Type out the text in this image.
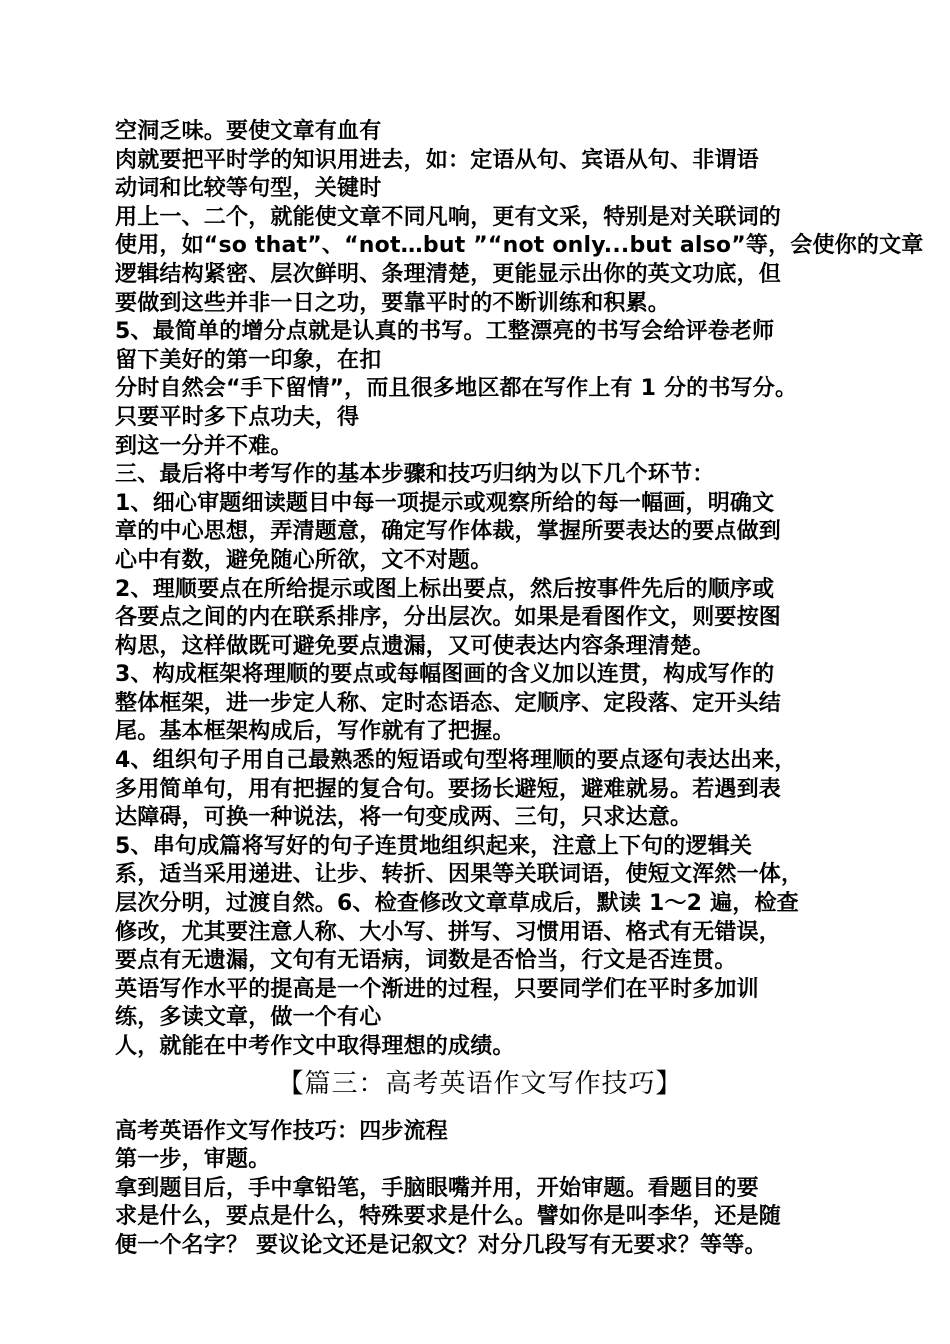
空洞乏味。要使文章有血有
肉就要把平时学的知识用进去，如：定语从句、宾语从句、非谓语
动词和比较等句型，关键时
用上一、二个，就能使文章不同凡响，更有文采，特别是对关联词的
使用，如“so that”、“not…but ”“not only...but also”等，会使你的文章
逻辑结构紧密、层次鲜明、条理清楚，更能显示出你的英文功底，但
要做到这些并非一日之功，要靠平时的不断训练和积累。
5、最简单的增分点就是认真的书写。工整漂亮的书写会给评卷老师
留下美好的第一印象，在扣
分时自然会“手下留情”，而且很多地区都在写作上有 1 分的书写分。
只要平时多下点功夫，得
到这一分并不难。
三、最后将中考写作的基本步骤和技巧归纳为以下几个环节：
1、细心审题细读题目中每一项提示或观察所给的每一幅画，明确文
章的中心思想，弄清题意，确定写作体裁，掌握所要表达的要点做到
心中有数，避免随心所欲，文不对题。
2、理顺要点在所给提示或图上标出要点，然后按事件先后的顺序或
各要点之间的内在联系排序，分出层次。如果是看图作文，则要按图
构思，这样做既可避免要点遗漏，又可使表达内容条理清楚。
3、构成框架将理顺的要点或每幅图画的含义加以连贯，构成写作的
整体框架，进一步定人称、定时态语态、定顺序、定段落、定开头结
尾。基本框架构成后，写作就有了把握。
4、组织句子用自己最熟悉的短语或句型将理顺的要点逐句表达出来，
多用简单句，用有把握的复合句。要扬长避短，避难就易。若遇到表
达障碍，可换一种说法，将一句变成两、三句，只求达意。
5、串句成篇将写好的句子连贯地组织起来，注意上下句的逻辑关
系，适当采用递进、让步、转折、因果等关联词语，使短文浑然一体，
层次分明，过渡自然。6、检查修改文章草成后，默读 1～2 遍，检查
修改，尤其要注意人称、大小写、拼写、习惯用语、格式有无错误，
要点有无遗漏，文句有无语病，词数是否恰当，行文是否连贯。
英语写作水平的提高是一个渐进的过程，只要同学们在平时多加训
练，多读文章，做一个有心
人，就能在中考作文中取得理想的成绩。
【篇三：高考英语作文写作技巧】
高考英语作文写作技巧：四步流程
第一步，审题。
拿到题目后，手中拿铅笔，手脑眼嘴并用，开始审题。看题目的要
求是什么，要点是什么，特殊要求是什么。譬如你是叫李华，还是随
便一个名字？ 要议论文还是记叙文？对分几段写有无要求？等等。
